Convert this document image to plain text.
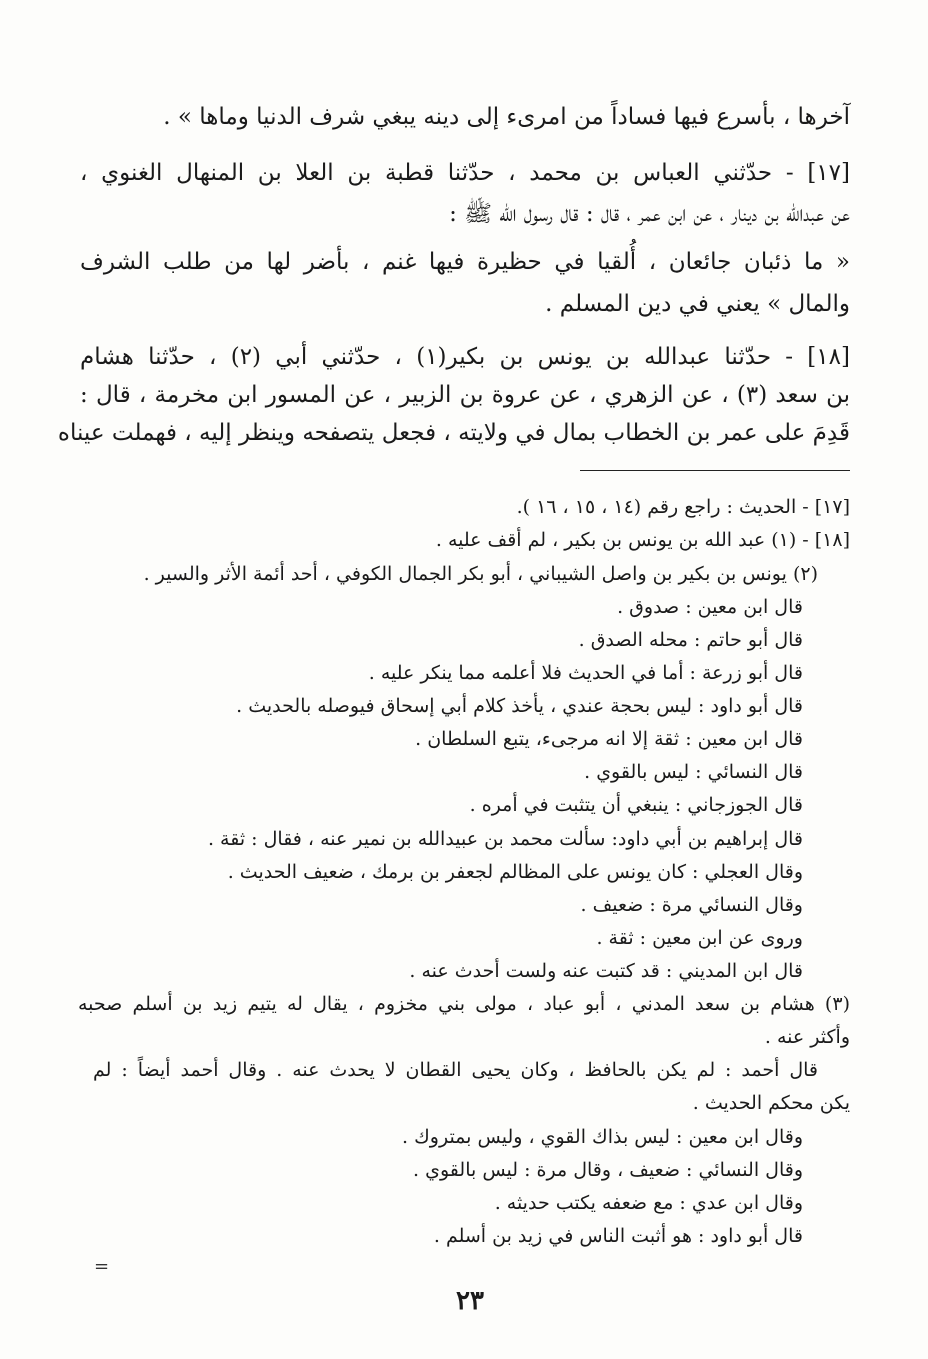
آخرها ، بأسرع فيها فساداً من امرىء إلى دينه يبغي شرف الدنيا وماها » .
[١٧] - حدّثني العباس بن محمد ، حدّثنا قطبة بن العلا بن المنهال الغنوي ،
عن عبدالله بن دينار ، عن ابن عمر ، قال : قال رسول الله ﷺ :
« ما ذئبان جائعان ، أُلقيا في حظيرة فيها غنم ، بأضر لها من طلب الشرف
والمال » يعني في دين المسلم .
[١٨] - حدّثنا عبدالله بن يونس بن بكير(١) ، حدّثني أبي (٢) ، حدّثنا هشام
بن سعد (٣) ، عن الزهري ، عن عروة بن الزبير ، عن المسور ابن مخرمة ، قال :
قَدِمَ على عمر بن الخطاب بمال في ولايته ، فجعل يتصفحه وينظر إليه ، فهملت عيناه
[١٧] - الحديث : راجع رقم (١٤ ، ١٥ ، ١٦ ).
[١٨] - (١) عبد الله بن يونس بن بكير ، لم أقف عليه .
(٢) يونس بن بكير بن واصل الشيباني ، أبو بكر الجمال الكوفي ، أحد أئمة الأثر والسير .
قال ابن معين : صدوق .
قال أبو حاتم : محله الصدق .
قال أبو زرعة : أما في الحديث فلا أعلمه مما ينكر عليه .
قال أبو داود : ليس بحجة عندي ، يأخذ كلام أبي إسحاق فيوصله بالحديث .
قال ابن معين : ثقة إلا انه مرجىء، يتبع السلطان .
قال النسائي : ليس بالقوي .
قال الجوزجاني : ينبغي أن يتثبت في أمره .
قال إبراهيم بن أبي داود: سألت محمد بن عبيدالله بن نمير عنه ، فقال : ثقة .
وقال العجلي : كان يونس على المظالم لجعفر بن برمك ، ضعيف الحديث .
وقال النسائي مرة : ضعيف .
وروى عن ابن معين : ثقة .
قال ابن المديني : قد كتبت عنه ولست أحدث عنه .
(٣) هشام بن سعد المدني ، أبو عباد ، مولى بني مخزوم ، يقال له يتيم زيد بن أسلم صحبه
وأكثر عنه .
قال أحمد : لم يكن بالحافظ ، وكان يحيى القطان لا يحدث عنه . وقال أحمد أيضاً : لم
يكن محكم الحديث .
وقال ابن معين : ليس بذاك القوي ، وليس بمتروك .
وقال النسائي : ضعيف ، وقال مرة : ليس بالقوي .
وقال ابن عدي : مع ضعفه يكتب حديثه .
قال أبو داود : هو أثبت الناس في زيد بن أسلم .
=
٢٣
